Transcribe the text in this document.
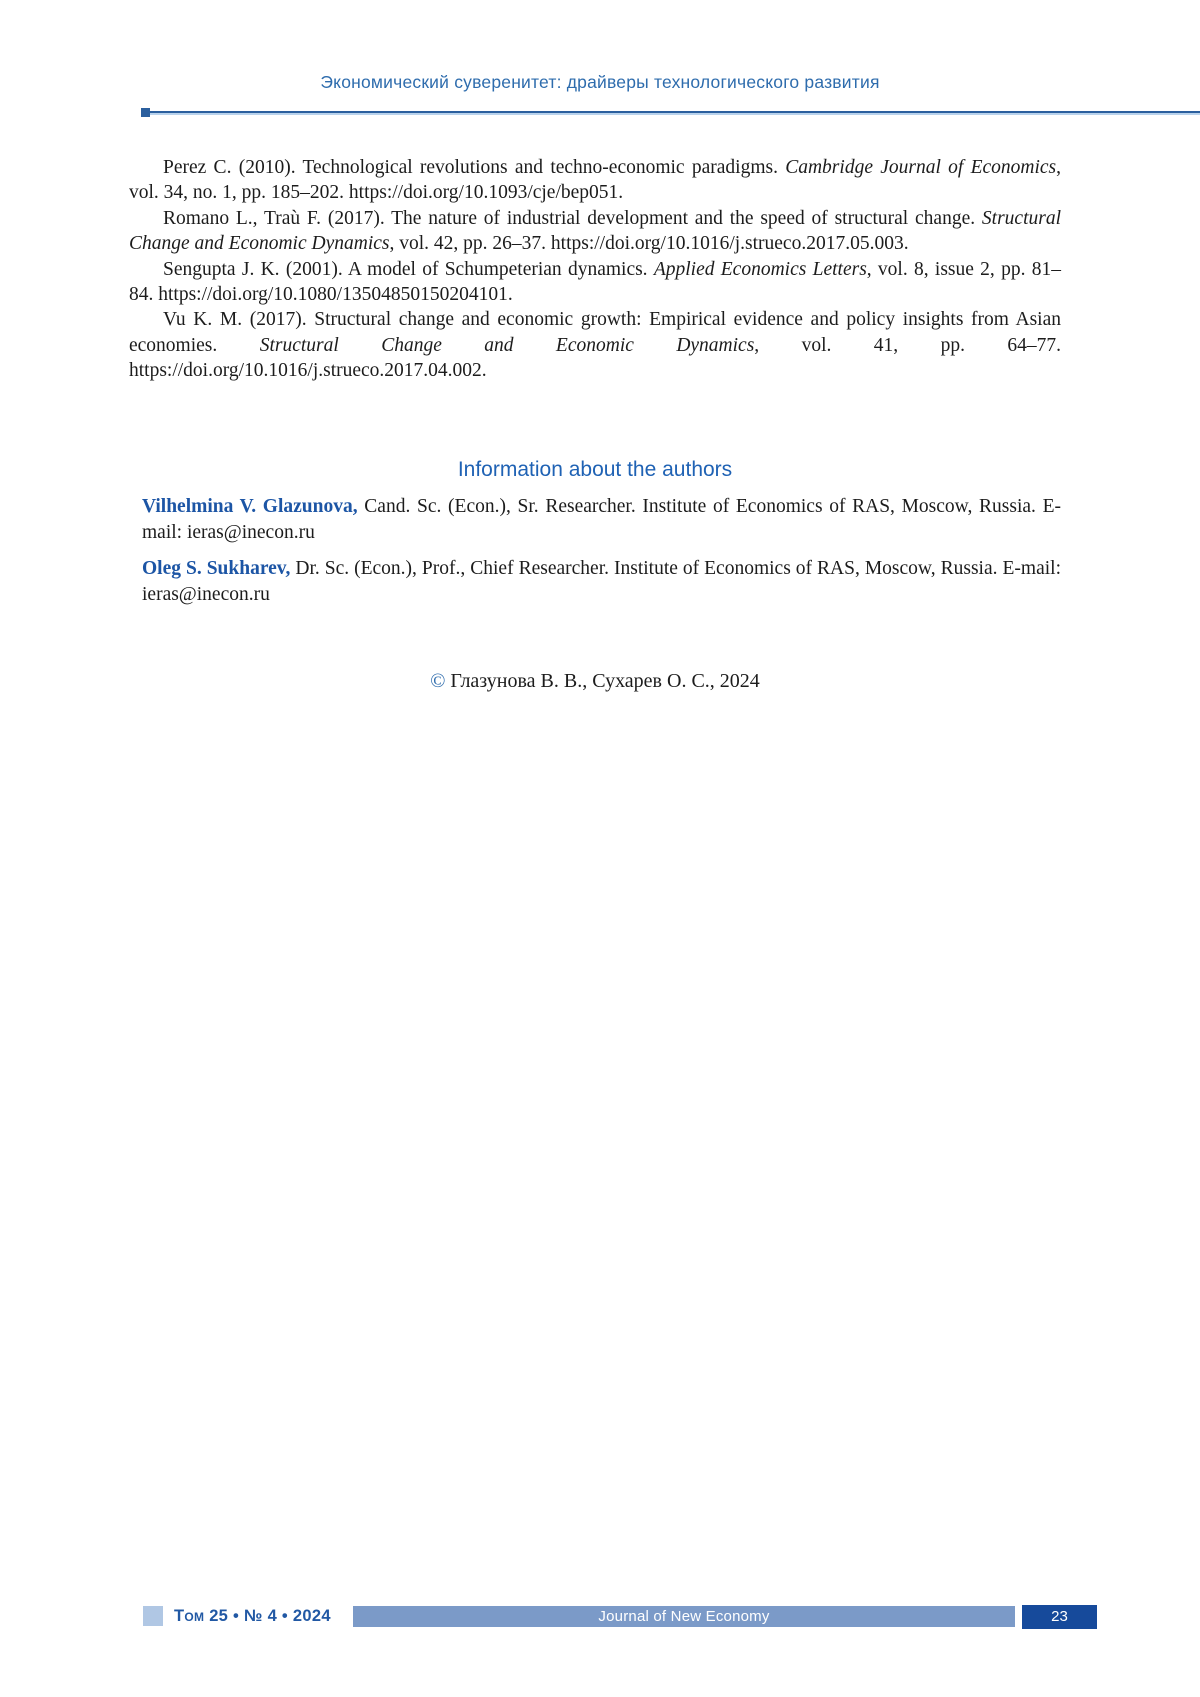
Экономический суверенитет: драйверы технологического развития

Perez C. (2010). Technological revolutions and techno-economic paradigms. Cambridge Journal of Economics, vol. 34, no. 1, pp. 185–202. https://doi.org/10.1093/cje/bep051.

Romano L., Traù F. (2017). The nature of industrial development and the speed of structural change. Structural Change and Economic Dynamics, vol. 42, pp. 26–37. https://doi.org/10.1016/j.strueco.2017.05.003.

Sengupta J. K. (2001). A model of Schumpeterian dynamics. Applied Economics Letters, vol. 8, issue 2, pp. 81–84. https://doi.org/10.1080/13504850150204101.

Vu K. M. (2017). Structural change and economic growth: Empirical evidence and policy insights from Asian economies. Structural Change and Economic Dynamics, vol. 41, pp. 64–77. https://doi.org/10.1016/j.strueco.2017.04.002.

Information about the authors

Vilhelmina V. Glazunova, Cand. Sc. (Econ.), Sr. Researcher. Institute of Economics of RAS, Moscow, Russia. E-mail: ieras@inecon.ru

Oleg S. Sukharev, Dr. Sc. (Econ.), Prof., Chief Researcher. Institute of Economics of RAS, Moscow, Russia. E-mail: ieras@inecon.ru

© Глазунова В. В., Сухарев О. С., 2024

Том 25 • № 4 • 2024	Journal of New Economy	23
